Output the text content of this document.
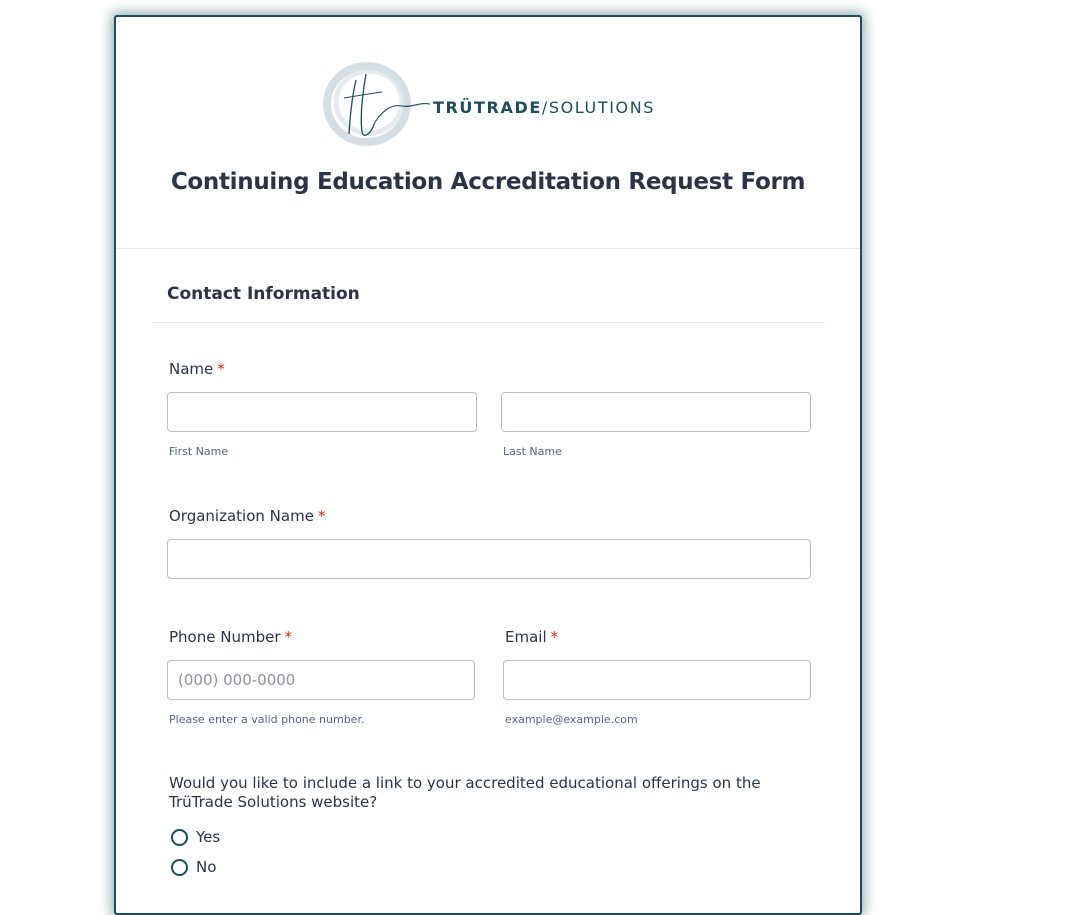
TRÜTRADE/SOLUTIONS
Continuing Education Accreditation Request Form
Contact Information
Name *
First Name	Last Name
Organization Name *
Phone Number *
(000) 000-0000
Please enter a valid phone number.
Email *
example@example.com

Would you like to include a link to your accredited educational offerings on the TrüTrade Solutions website?

Yes
No
